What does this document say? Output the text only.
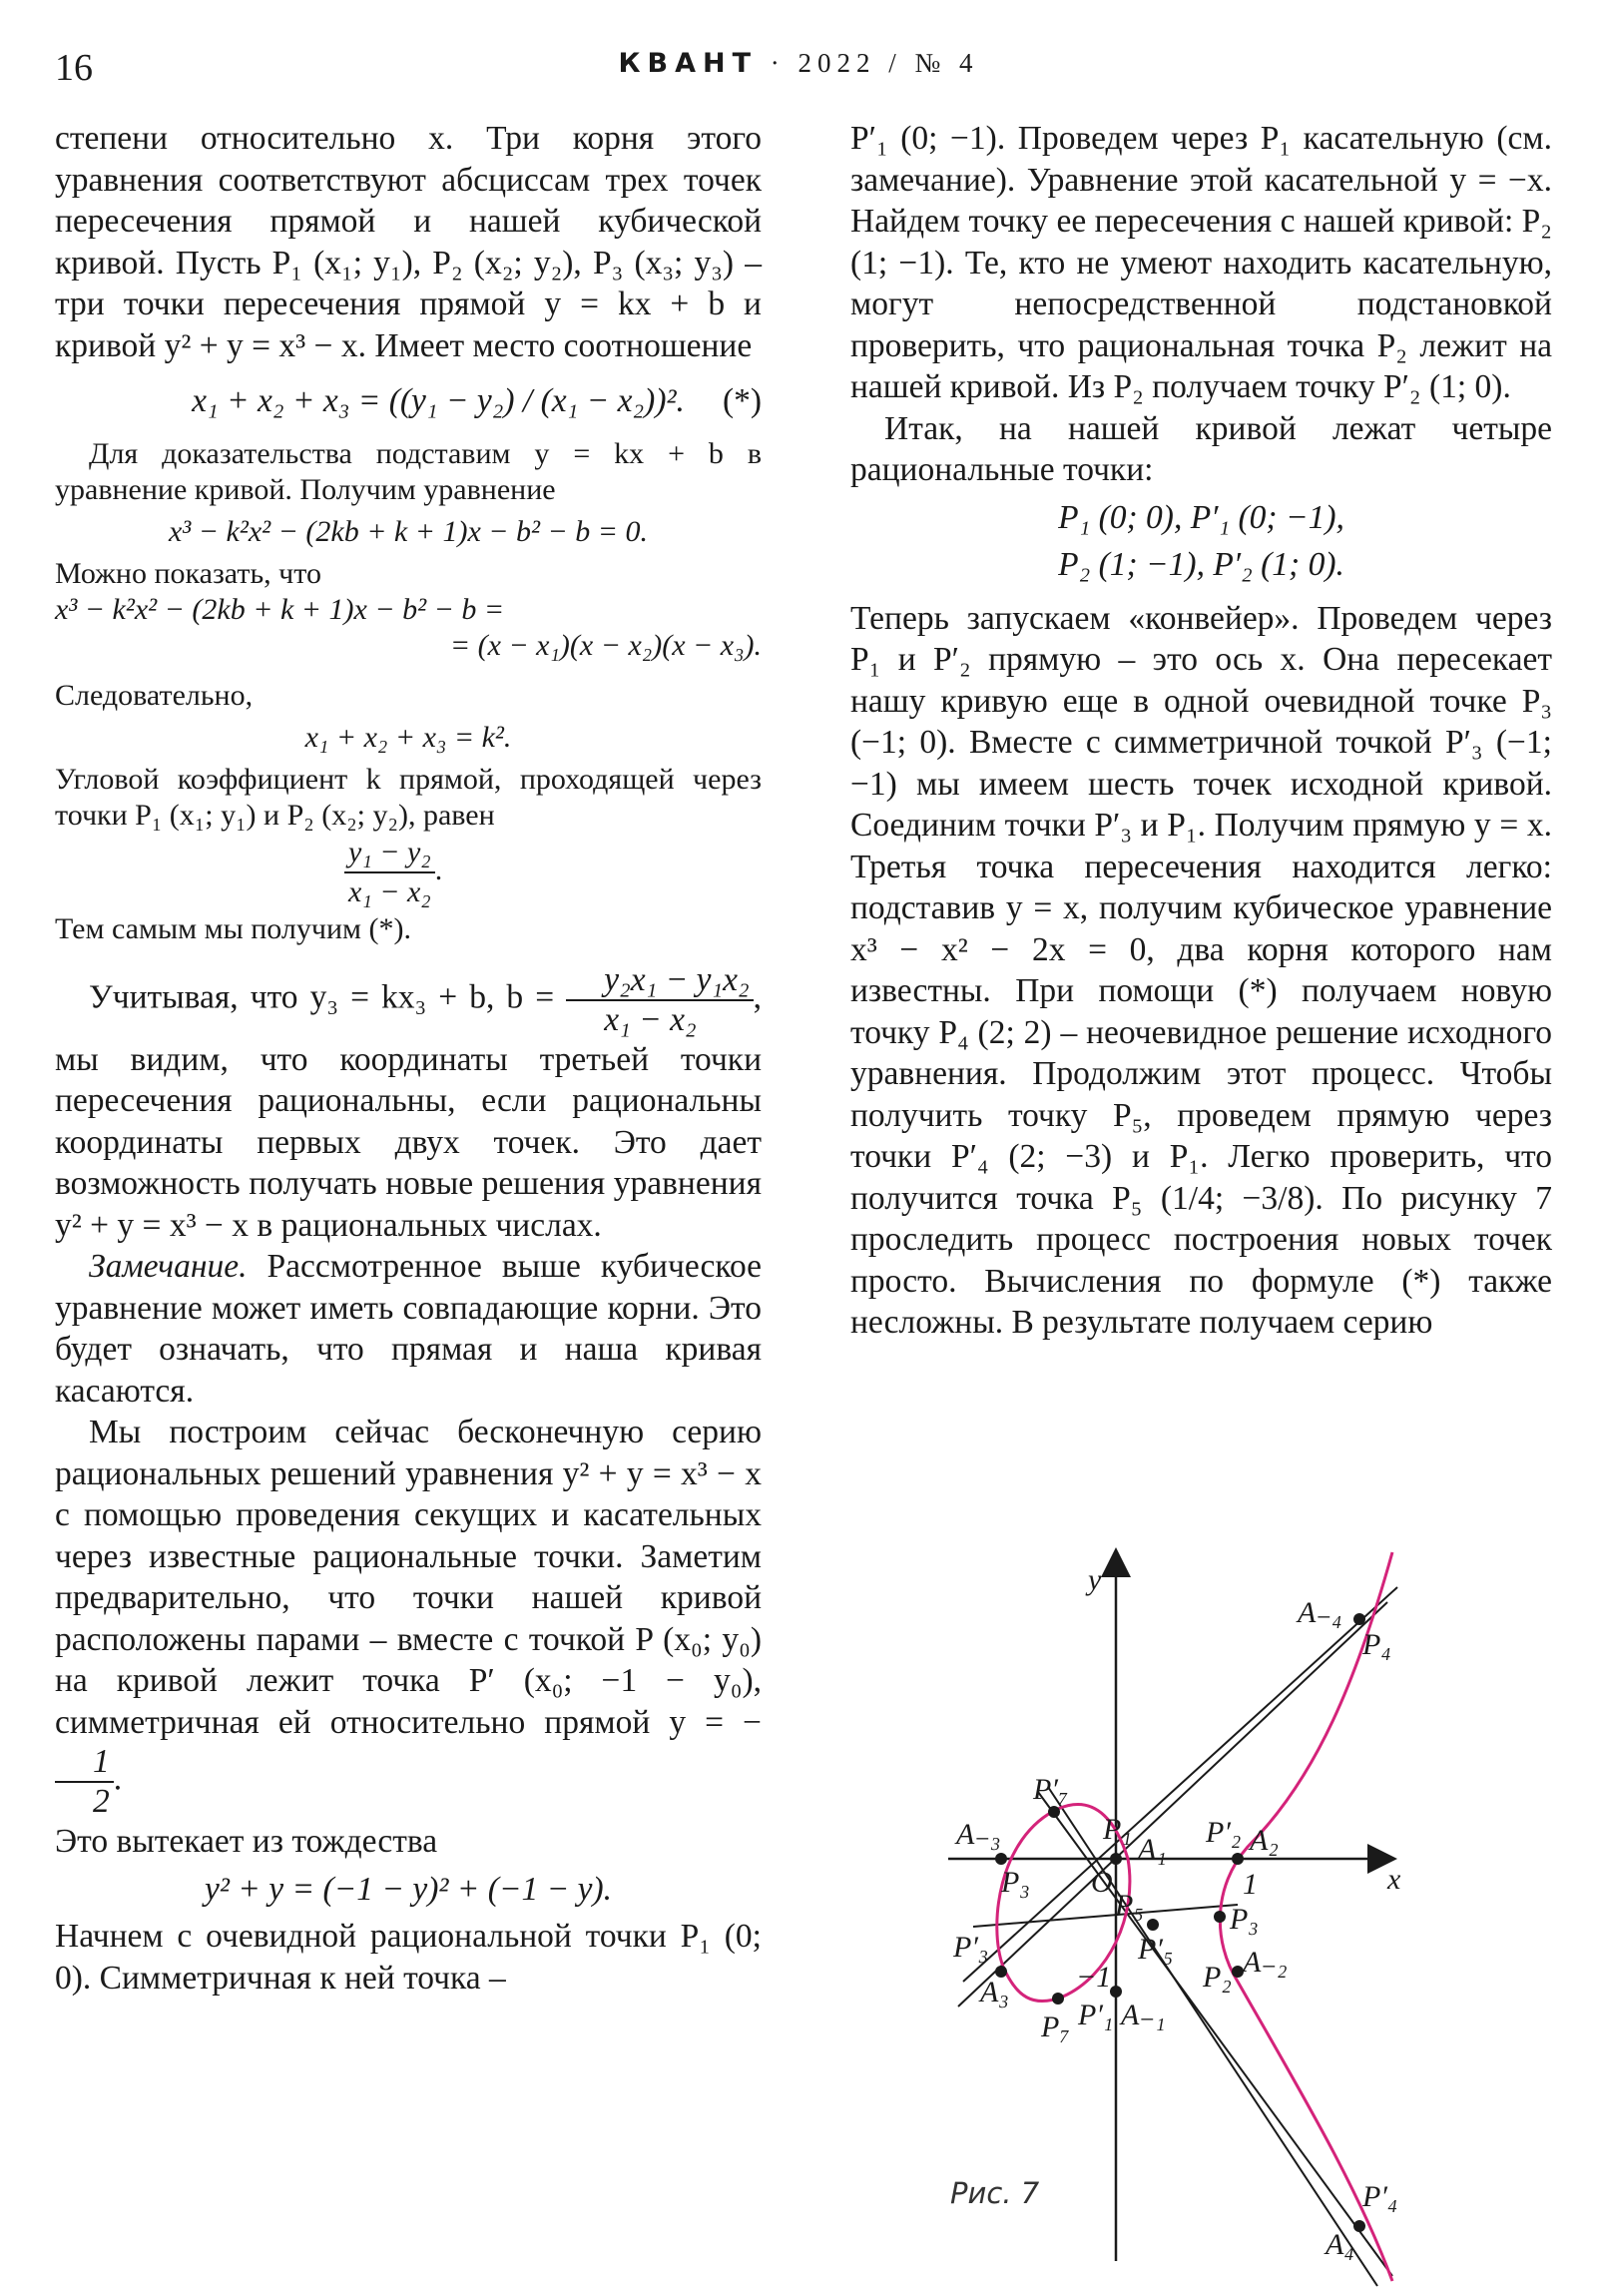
16	КВАНТ · 2022 / № 4

степени относительно x. Три корня этого уравнения соответствуют абсциссам трех точек пересечения прямой и нашей кубической кривой. Пусть P₁ (x₁; y₁), P₂ (x₂; y₂), P₃ (x₃; y₃) – три точки пересечения прямой y = kx + b и кривой y² + y = x³ − x. Имеет место соотношение

x₁ + x₂ + x₃ = ((y₁ − y₂) / (x₁ − x₂))². (*)

Для доказательства подставим y = kx + b в уравнение кривой. Получим уравнение

x³ − k²x² − (2kb + k + 1)x − b² − b = 0.

Можно показать, что

x³ − k²x² − (2kb + k + 1)x − b² − b =
= (x − x₁)(x − x₂)(x − x₃).

Следовательно,

x₁ + x₂ + x₃ = k².

Угловой коэффициент k прямой, проходящей через точки P₁ (x₁; y₁) и P₂ (x₂; y₂), равен

$\frac{\text{y₁ − y₂}}{\text{x₁ − x₂}}$ .

Тем самым мы получим (*).

Учитывая, что y₃ = kx₃ + b, $b = \frac{\text{y₂x₁ − y₁x₂}}{\text{x₁ − x₂}}$ , мы видим, что координаты третьей точки пересечения рациональны, если рациональны координаты первых двух точек. Это дает возможность получать новые решения уравнения y² + y = x³ − x в рациональных числах.

Замечание. Рассмотренное выше кубическое уравнение может иметь совпадающие корни. Это будет означать, что прямая и наша кривая касаются.

Мы построим сейчас бесконечную серию рациональных решений уравнения y² + y = x³ − x с помощью проведения секущих и касательных через известные рациональные точки. Заметим предварительно, что точки нашей кривой расположены парами – вместе с точкой P (x₀; y₀) на кривой лежит точка P′ (x₀; −1 − y₀), симметричная ей относительно прямой y = −
$\frac{1}{2}$ .

Это вытекает из тождества

y² + y = (−1 − y)² + (−1 − y).

Начнем с очевидной рациональной точки P₁ (0; 0). Симметричная к ней точка –

P′₁ (0; −1). Проведем через P₁ касательную (см. замечание). Уравнение этой касательной y = −x. Найдем точку ее пересечения с нашей кривой: P₂ (1; −1). Те, кто не умеют находить касательную, могут непосредственной подстановкой проверить, что рациональная точка P₂ лежит на нашей кривой. Из P₂ получаем точку P′₂ (1; 0).

Итак, на нашей кривой лежат четыре рациональные точки:

P₁ (0; 0), P′₁ (0; −1),
P₂ (1; −1), P′₂ (1; 0).

Теперь запускаем «конвейер». Проведем через P₁ и P′₂ прямую – это ось x. Она пересекает нашу кривую еще в одной очевидной точке P₃ (−1; 0). Вместе с симметричной точкой P′₃ (−1; −1) мы имеем шесть точек исходной кривой. Соединим точки P′₃ и P₁. Получим прямую y = x. Третья точка пересечения находится легко: подставив y = x, получим кубическое уравнение x³ − x² − 2x = 0, два корня которого нам известны. При помощи (*) получаем новую точку P₄ (2; 2) – неочевидное решение исходного уравнения. Продолжим этот процесс. Чтобы получить точку P₅, проведем прямую через точки P′₄ (2; −3) и P₁. Легко проверить, что получится точка P₅ (1/4; −3/8). По рисунку 7 проследить процесс построения новых точек просто. Вычисления по формуле (*) также несложны. В результате получаем серию

x
y
O	1
−1
A₋₄
P₄
P′₇
A₋₃	P₁
A₁
P′₂ A₂
P₃
P₅	P₃
P′₃	P′₅ A₋₂
P₂
A₃
P₇ P′₁ A₋₁
P′₄
A₄
Рис. 7
